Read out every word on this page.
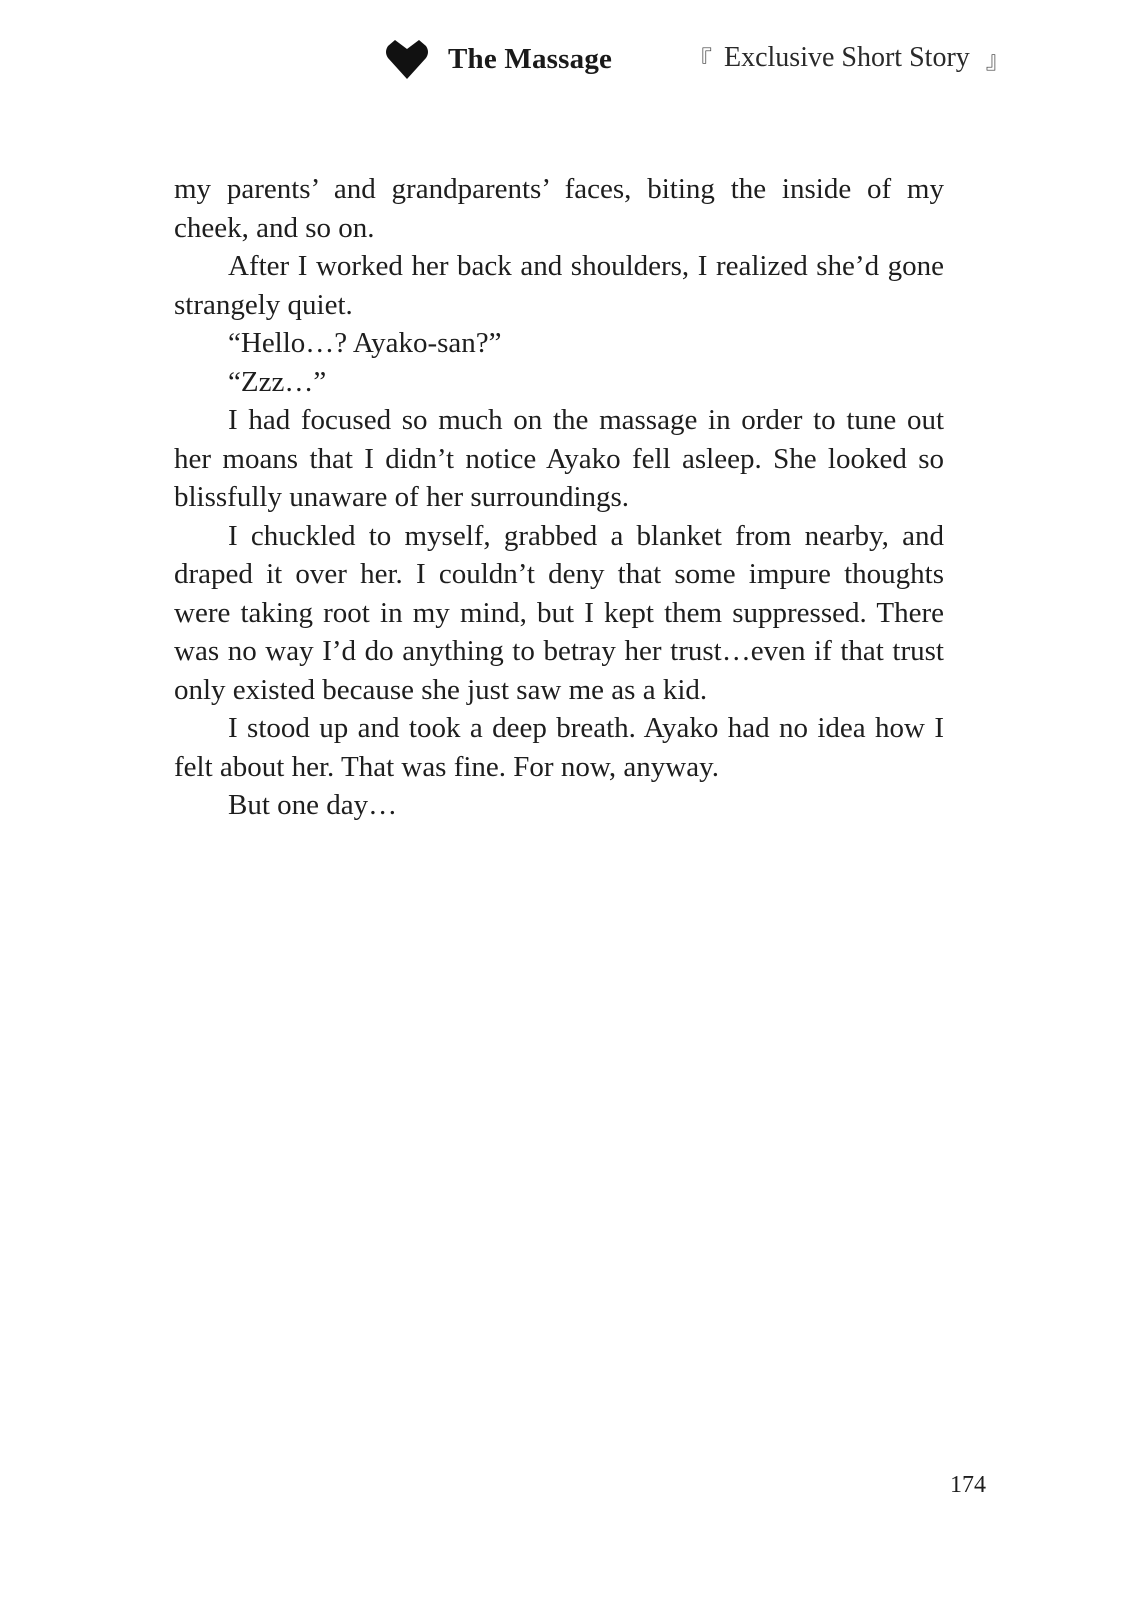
The Massage	『 Exclusive Short Story 』

my parents’ and grandparents’ faces, biting the inside of my cheek, and so on.

After I worked her back and shoulders, I realized she’d gone strangely quiet.

“Hello…? Ayako-san?”

“Zzz…”

I had focused so much on the massage in order to tune out her moans that I didn’t notice Ayako fell asleep. She looked so blissfully unaware of her surroundings.

I chuckled to myself, grabbed a blanket from nearby, and draped it over her. I couldn’t deny that some impure thoughts were taking root in my mind, but I kept them suppressed. There was no way I’d do anything to betray her trust…even if that trust only existed because she just saw me as a kid.

I stood up and took a deep breath. Ayako had no idea how I felt about her. That was fine. For now, anyway.

But one day…

174
